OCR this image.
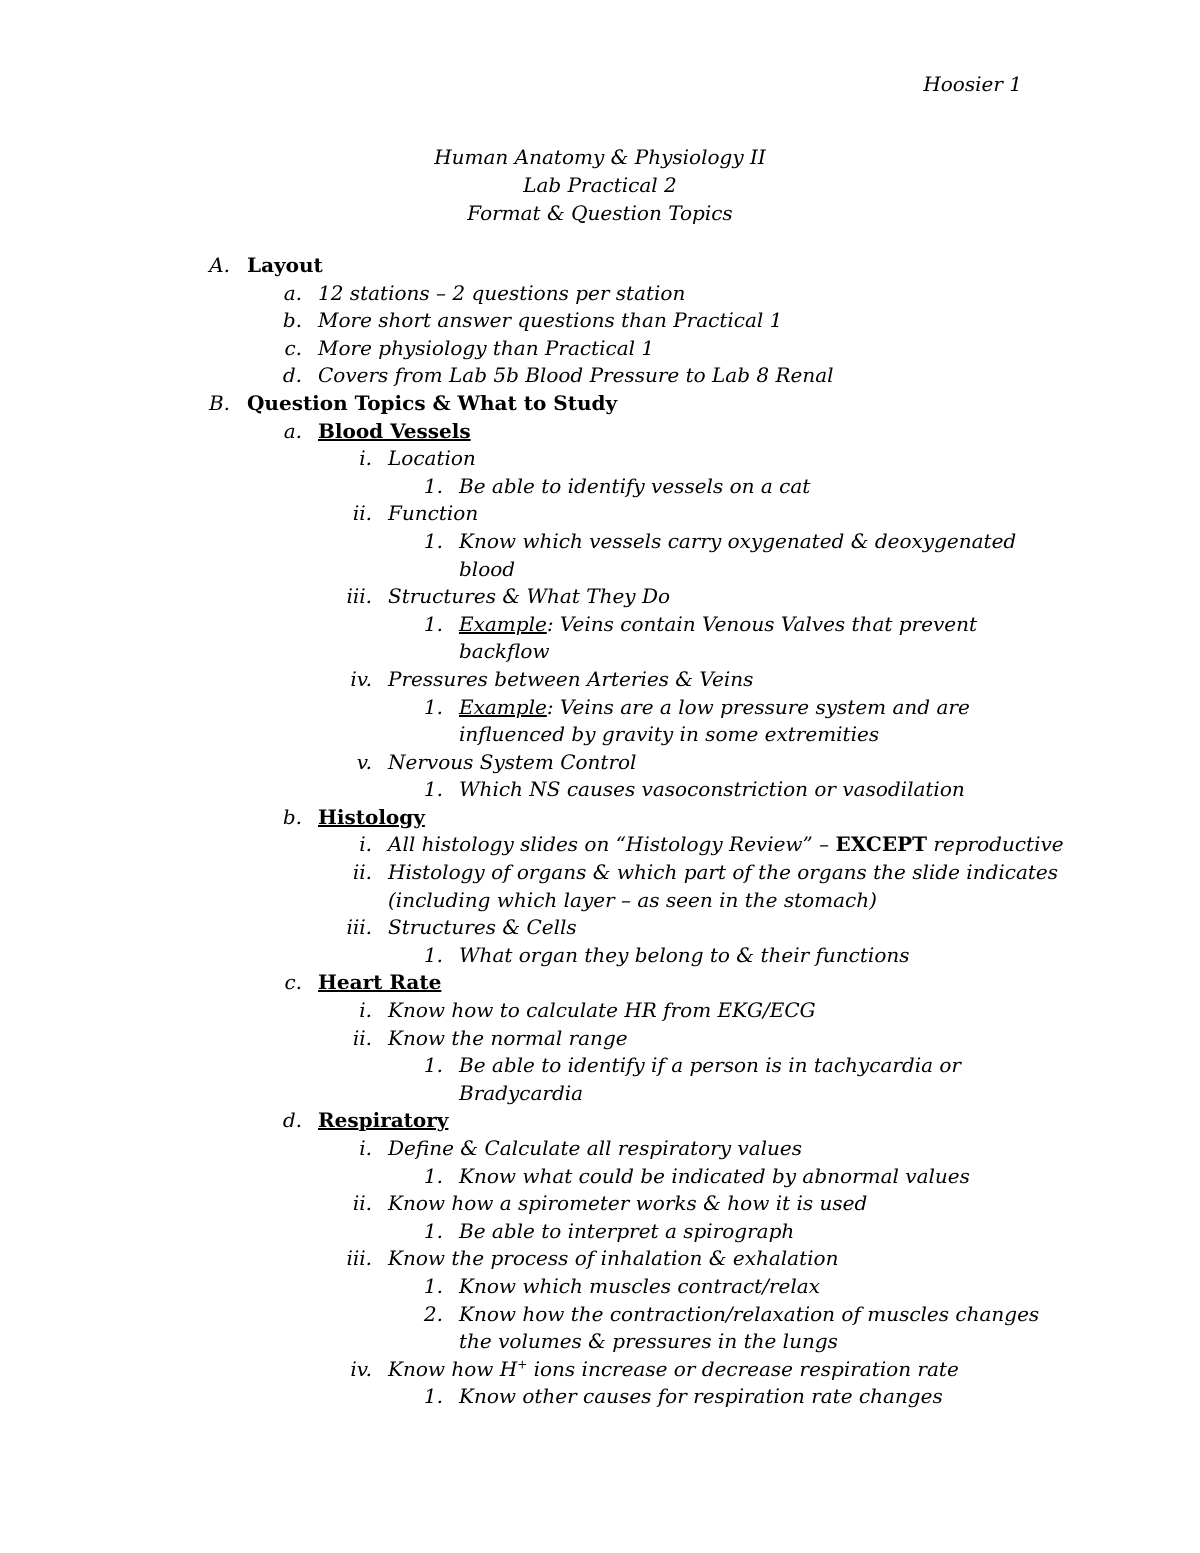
Hoosier 1
Human Anatomy & Physiology II
Lab Practical 2
Format & Question Topics
A. Layout
a. 12 stations – 2 questions per station
b. More short answer questions than Practical 1
c. More physiology than Practical 1
d. Covers from Lab 5b Blood Pressure to Lab 8 Renal
B. Question Topics & What to Study
a. Blood Vessels
i. Location
1. Be able to identify vessels on a cat
ii. Function
1. Know which vessels carry oxygenated & deoxygenated
blood
iii. Structures & What They Do
1. Example: Veins contain Venous Valves that prevent
backflow
iv. Pressures between Arteries & Veins
1. Example: Veins are a low pressure system and are
influenced by gravity in some extremities
v. Nervous System Control
1. Which NS causes vasoconstriction or vasodilation
b. Histology
i. All histology slides on “Histology Review” – EXCEPT reproductive
ii. Histology of organs & which part of the organs the slide indicates
(including which layer – as seen in the stomach)
iii. Structures & Cells
1. What organ they belong to & their functions
c. Heart Rate
i. Know how to calculate HR from EKG/ECG
ii. Know the normal range
1. Be able to identify if a person is in tachycardia or
Bradycardia
d. Respiratory
i. Define & Calculate all respiratory values
1. Know what could be indicated by abnormal values
ii. Know how a spirometer works & how it is used
1. Be able to interpret a spirograph
iii. Know the process of inhalation & exhalation
1. Know which muscles contract/relax
2. Know how the contraction/relaxation of muscles changes
the volumes & pressures in the lungs
iv. Know how H+ ions increase or decrease respiration rate
1. Know other causes for respiration rate changes
